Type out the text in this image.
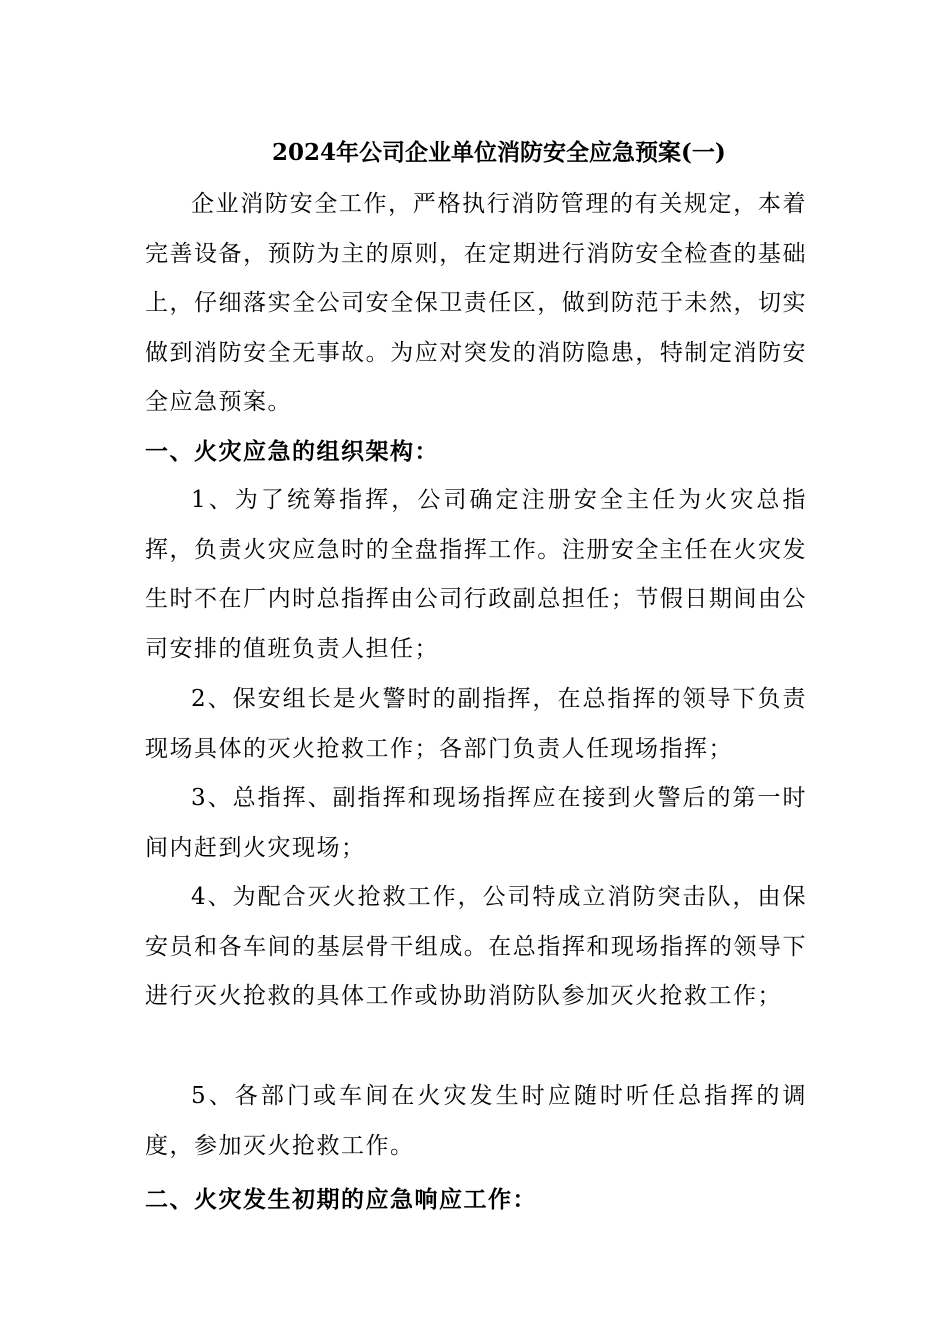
2024年公司企业单位消防安全应急预案(一)
企业消防安全工作，严格执行消防管理的有关规定，本着完善设备，预防为主的原则，在定期进行消防安全检查的基础上，仔细落实全公司安全保卫责任区，做到防范于未然，切实做到消防安全无事故。为应对突发的消防隐患，特制定消防安全应急预案。
一、火灾应急的组织架构：
1、为了统筹指挥，公司确定注册安全主任为火灾总指挥，负责火灾应急时的全盘指挥工作。注册安全主任在火灾发生时不在厂内时总指挥由公司行政副总担任；节假日期间由公司安排的值班负责人担任；
2、保安组长是火警时的副指挥，在总指挥的领导下负责现场具体的灭火抢救工作；各部门负责人任现场指挥；
3、总指挥、副指挥和现场指挥应在接到火警后的第一时间内赶到火灾现场；
4、为配合灭火抢救工作，公司特成立消防突击队，由保安员和各车间的基层骨干组成。在总指挥和现场指挥的领导下进行灭火抢救的具体工作或协助消防队参加灭火抢救工作；
5、各部门或车间在火灾发生时应随时听任总指挥的调度，参加灭火抢救工作。
二、火灾发生初期的应急响应工作：
